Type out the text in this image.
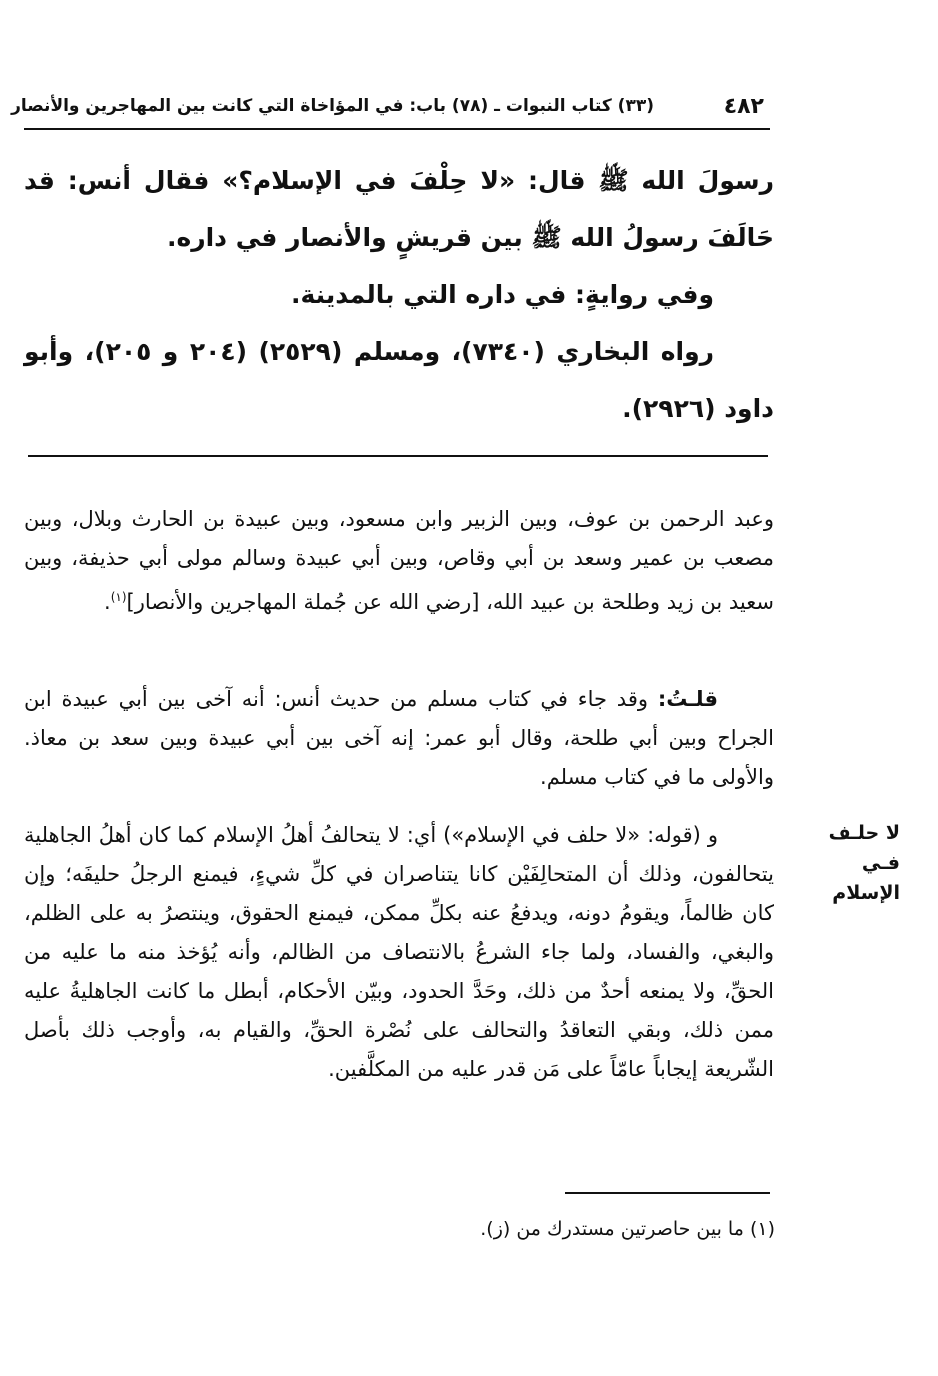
٤٨٢
(٣٣) كتاب النبوات ـ (٧٨) باب: في المؤاخاة التي كانت بين المهاجرين والأنصار

رسولَ الله ﷺ قال: «لا حِلْفَ في الإسلام؟» فقال أنس: قد حَالَفَ رسولُ الله ﷺ بين قريشٍ والأنصار في داره.

وفي روايةٍ: في داره التي بالمدينة.

رواه البخاري (٧٣٤٠)، ومسلم (٢٥٢٩) (٢٠٤ و ٢٠٥)، وأبو داود (٢٩٢٦).

وعبد الرحمن بن عوف، وبين الزبير وابن مسعود، وبين عبيدة بن الحارث وبلال، وبين مصعب بن عمير وسعد بن أبي وقاص، وبين أبي عبيدة وسالم مولى أبي حذيفة، وبين سعيد بن زيد وطلحة بن عبيد الله، [رضي الله عن جُملة المهاجرين والأنصار]$^{(١)}$.

قلـتُ: وقد جاء في كتاب مسلم من حديث أنس: أنه آخى بين أبي عبيدة ابن الجراح وبين أبي طلحة، وقال أبو عمر: إنه آخى بين أبي عبيدة وبين سعد بن معاذ. والأولى ما في كتاب مسلم.

و (قوله: «لا حلف في الإسلام») أي: لا يتحالفُ أهلُ الإسلام كما كان أهلُ الجاهلية يتحالفون، وذلك أن المتحالِفَيْن كانا يتناصران في كلِّ شيءٍ، فيمنع الرجلُ حليفَه؛ وإن كان ظالماً، ويقومُ دونه، ويدفعُ عنه بكلِّ ممكن، فيمنع الحقوق، وينتصرُ به على الظلم، والبغي، والفساد، ولما جاء الشرعُ بالانتصاف من الظالم، وأنه يُؤخذ منه ما عليه من الحقِّ، ولا يمنعه أحدٌ من ذلك، وحَدَّ الحدود، وبيّن الأحكام، أبطل ما كانت الجاهليةُ عليه ممن ذلك، وبقي التعاقدُ والتحالف على نُصْرة الحقِّ، والقيام به، وأوجب ذلك بأصل الشّريعة إيجاباً عامّاً على مَن قدر عليه من المكلَّفين.

لا حلـف فـي الإسلام
(١) ما بين حاصرتين مستدرك من (ز).
